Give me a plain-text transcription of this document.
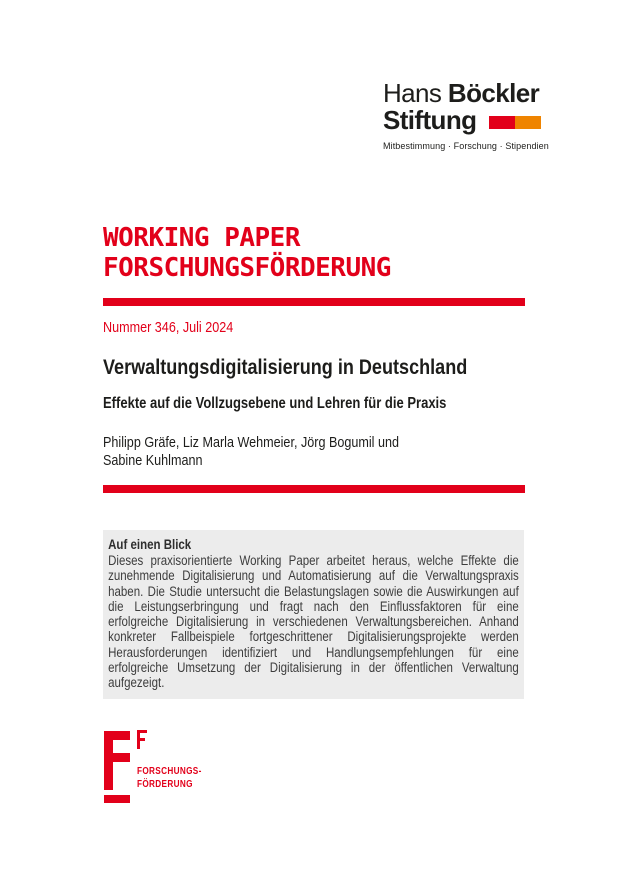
Hans Böckler
Stiftung
Mitbestimmung · Forschung · Stipendien
WORKING PAPER
FORSCHUNGSFÖRDERUNG
Nummer 346, Juli 2024
Verwaltungsdigitalisierung in Deutschland
Effekte auf die Vollzugsebene und Lehren für die Praxis
Philipp Gräfe, Liz Marla Wehmeier, Jörg Bogumil und
Sabine Kuhlmann

Auf einen Blick

Dieses praxisorientierte Working Paper arbeitet heraus, welche Effekte die zunehmende Digitalisierung und Automatisierung auf die Verwaltungspraxis haben. Die Studie untersucht die Belastungslagen sowie die Auswirkungen auf die Leistungserbringung und fragt nach den Einflussfaktoren für eine erfolgreiche Digitalisierung in verschiedenen Verwaltungsbereichen. Anhand konkreter Fallbeispiele fortgeschrittener Digitalisierungsprojekte werden Herausforderungen identifiziert und Handlungsempfehlungen für eine erfolgreiche Umsetzung der Digitalisierung in der öffentlichen Verwaltung aufgezeigt.

FORSCHUNGS-
FÖRDERUNG
